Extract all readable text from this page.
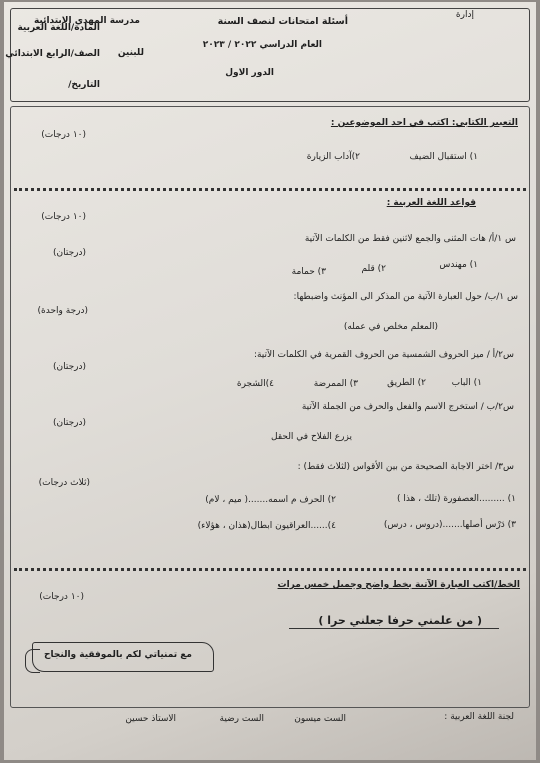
إدارة
مدرسة المهدي الابتدائية
للبنين
أسئلة امتحانات لنصف السنة
العام الدراسي ٢٠٢٢ / ٢٠٢٣
الدور الاول
المادة/اللغة العربية
الصف/الرابع الابتدائي
التاريخ/
التعبير الكتابي: اكتب في احد الموضوعين :
(١٠ درجات)
١) استقبال الضيف
٢)آداب الزيارة
قواعد اللغة العربية :
(١٠ درجات)
س ١/أ/ هات المثنى والجمع لاثنين فقط من الكلمات الآتية
(درجتان)
١) مهندس
٢) قلم
٣) حمامة
س ١/ب/ حول العبارة الآتية من المذكر الى المؤنث واضبطها:
(درجة واحدة)
(المعلم مخلص في عمله)
س٢/أ / ميز الحروف الشمسية من الحروف القمرية في الكلمات الآتية:
(درجتان)
١) الباب
٢) الطريق
٣) الممرضة
٤)الشجرة
س٢/ب / استخرج الاسم والفعل والحرف من الجملة الآتية
(درجتان)
يزرع الفلاح في الحقل
س٣/ اختر الاجابة الصحيحة من بين الأقواس (لثلاث فقط) :
(ثلاث درجات)
١) .........العصفورة (تلك ، هذا )
٢) الحرف م اسمه.......( ميم ، لام)
٣) دَرْس أصلها.......(دروس ، درس)
٤)......العراقيون ابطال(هذان ، هؤلاء)
الخط/اكتب العبارة الآتية بخط واضح وجميل خمس مرات
(١٠ درجات)
( من علمني حرفا جعلني حرا )
مع تمنياتي لكم بالموفقية والنجاح
لجنة اللغة العربية :
الست ميسون
الست رضية
الاستاذ حسين
